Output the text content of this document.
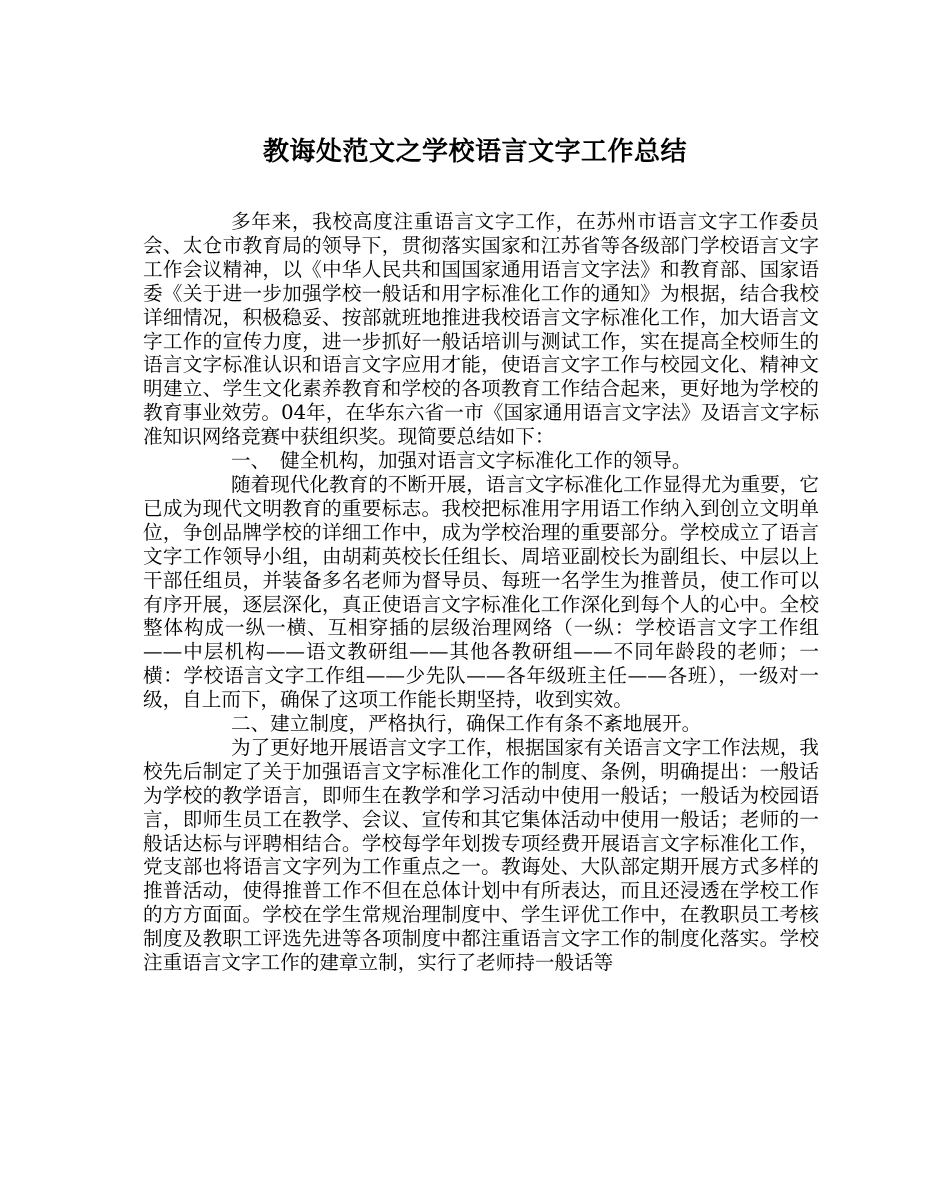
教诲处范文之学校语言文字工作总结

多年来，我校高度注重语言文字工作，在苏州市语言文字工作委员会、太仓市教育局的领导下，贯彻落实国家和江苏省等各级部门学校语言文字工作会议精神，以《中华人民共和国国家通用语言文字法》和教育部、国家语委《关于进一步加强学校一般话和用字标准化工作的通知》为根据，结合我校详细情况，积极稳妥、按部就班地推进我校语言文字标准化工作，加大语言文字工作的宣传力度，进一步抓好一般话培训与测试工作，实在提高全校师生的语言文字标准认识和语言文字应用才能，使语言文字工作与校园文化、精神文明建立、学生文化素养教育和学校的各项教育工作结合起来，更好地为学校的教育事业效劳。04年，在华东六省一市《国家通用语言文字法》及语言文字标准知识网络竞赛中获组织奖。现简要总结如下：

一、　健全机构，加强对语言文字标准化工作的领导。

随着现代化教育的不断开展，语言文字标准化工作显得尤为重要，它已成为现代文明教育的重要标志。我校把标准用字用语工作纳入到创立文明单位，争创品牌学校的详细工作中，成为学校治理的重要部分。学校成立了语言文字工作领导小组，由胡莉英校长任组长、周培亚副校长为副组长、中层以上干部任组员，并装备多名老师为督导员、每班一名学生为推普员，使工作可以有序开展，逐层深化，真正使语言文字标准化工作深化到每个人的心中。全校整体构成一纵一横、互相穿插的层级治理网络（一纵：学校语言文字工作组——中层机构——语文教研组——其他各教研组——不同年龄段的老师；一横：学校语言文字工作组——少先队——各年级班主任——各班），一级对一级，自上而下，确保了这项工作能长期坚持，收到实效。

二、建立制度，严格执行，确保工作有条不紊地展开。

为了更好地开展语言文字工作，根据国家有关语言文字工作法规，我校先后制定了关于加强语言文字标准化工作的制度、条例，明确提出：一般话为学校的教学语言，即师生在教学和学习活动中使用一般话；一般话为校园语言，即师生员工在教学、会议、宣传和其它集体活动中使用一般话；老师的一般话达标与评聘相结合。学校每学年划拨专项经费开展语言文字标准化工作，党支部也将语言文字列为工作重点之一。教诲处、大队部定期开展方式多样的推普活动，使得推普工作不但在总体计划中有所表达，而且还浸透在学校工作的方方面面。学校在学生常规治理制度中、学生评优工作中，在教职员工考核制度及教职工评选先进等各项制度中都注重语言文字工作的制度化落实。学校注重语言文字工作的建章立制，实行了老师持一般话等
